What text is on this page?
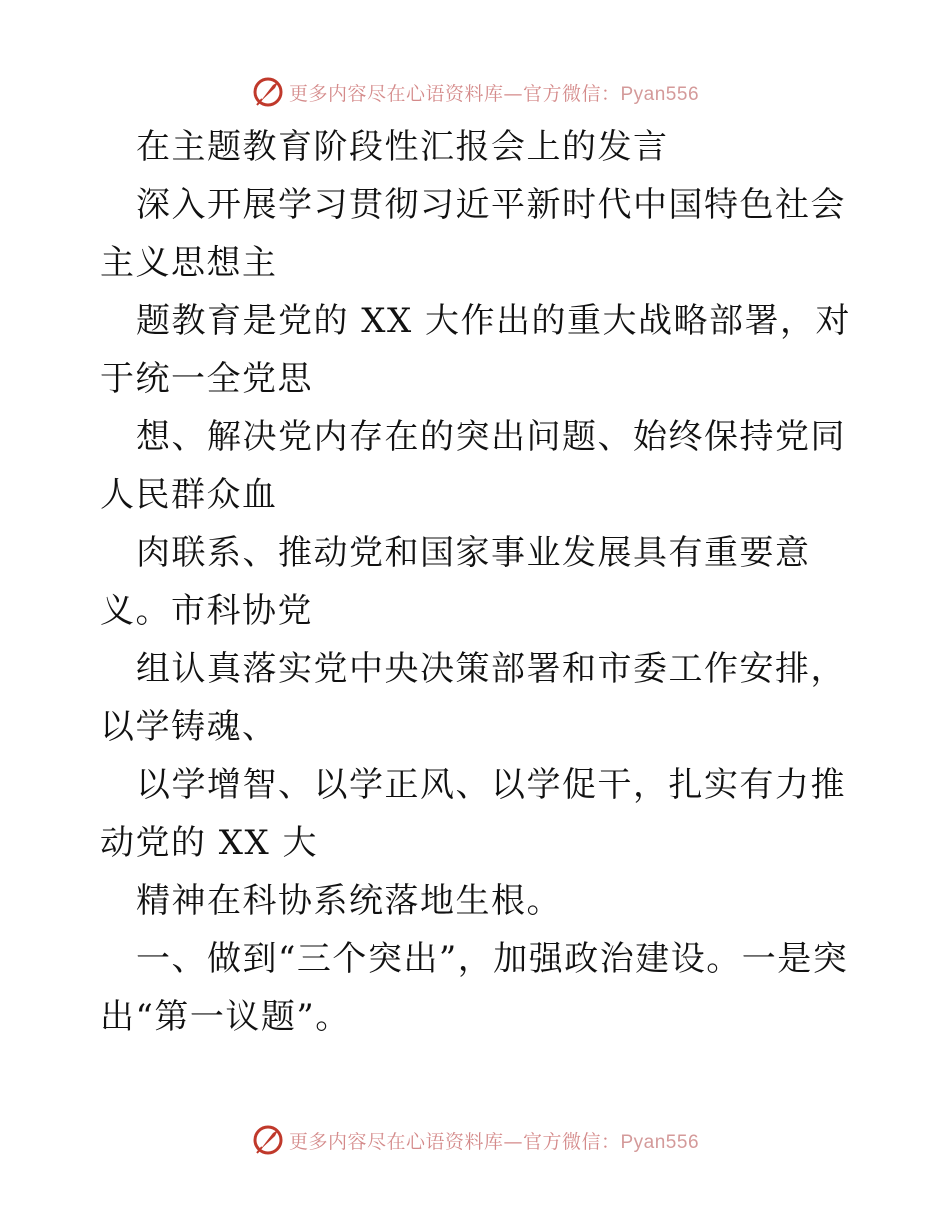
更多内容尽在心语资料库—官方微信：Pyan556

在主题教育阶段性汇报会上的发言

深入开展学习贯彻习近平新时代中国特色社会主义思想主

题教育是党的 XX 大作出的重大战略部署，对于统一全党思

想、解决党内存在的突出问题、始终保持党同人民群众血

肉联系、推动党和国家事业发展具有重要意义。市科协党

组认真落实党中央决策部署和市委工作安排，以学铸魂、

以学增智、以学正风、以学促干，扎实有力推动党的 XX 大

精神在科协系统落地生根。

一、做到“三个突出”，加强政治建设。一是突出“第一议题”。

更多内容尽在心语资料库—官方微信：Pyan556
